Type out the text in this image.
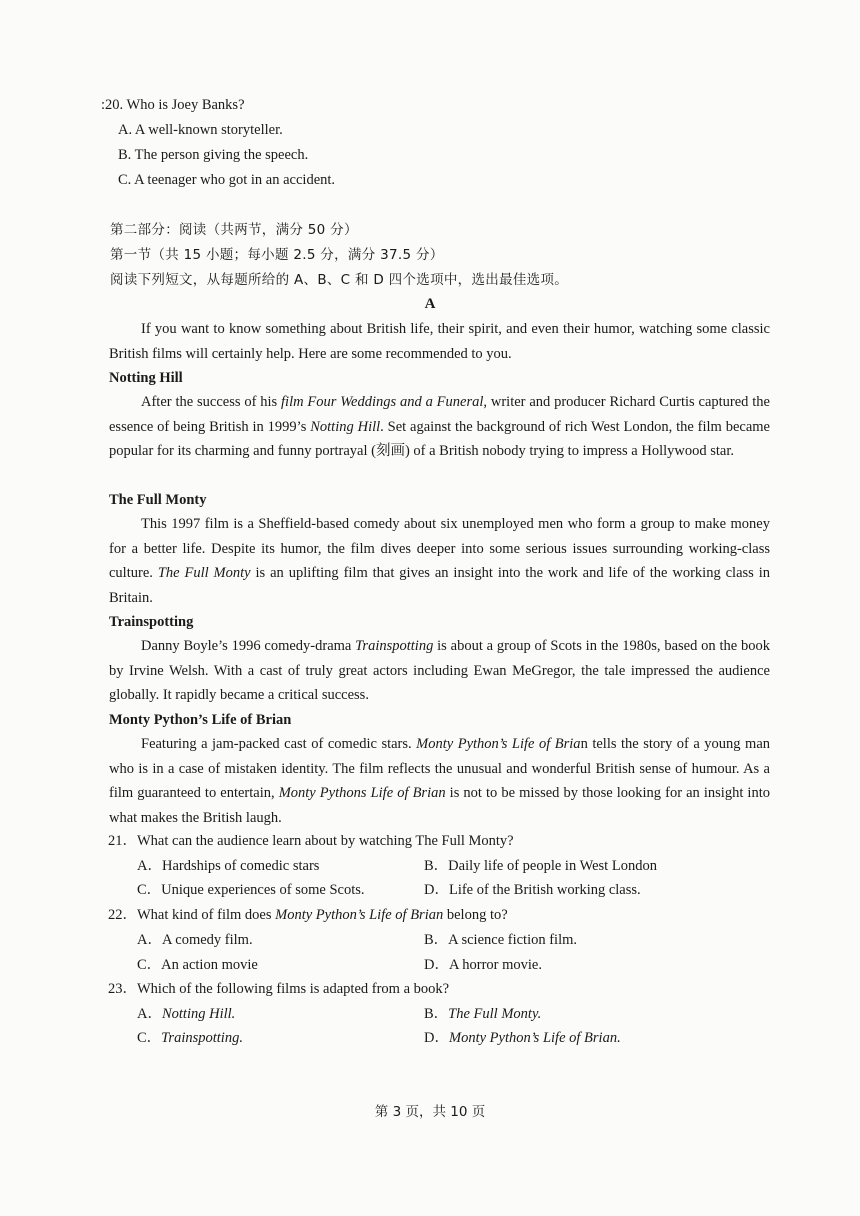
:20. Who is Joey Banks?
A. A well-known storyteller.
B. The person giving the speech.
C. A teenager who got in an accident.
第二部分：阅读（共两节，满分 50 分）
第一节（共 15 小题；每小题 2.5 分，满分 37.5 分）
阅读下列短文，从每题所给的 A、B、C 和 D 四个选项中，选出最佳选项。
A
If you want to know something about British life, their spirit, and even their humor, watching some classic British films will certainly help. Here are some recommended to you.
Notting Hill
After the success of his film Four Weddings and a Funeral, writer and producer Richard Curtis captured the essence of being British in 1999’s Notting Hill. Set against the background of rich West London, the film became popular for its charming and funny portrayal (刻画) of a British nobody trying to impress a Hollywood star.
The Full Monty
This 1997 film is a Sheffield-based comedy about six unemployed men who form a group to make money for a better life. Despite its humor, the film dives deeper into some serious issues surrounding working-class culture. The Full Monty is an uplifting film that gives an insight into the work and life of the working class in Britain.
Trainspotting
Danny Boyle’s 1996 comedy-drama Trainspotting is about a group of Scots in the 1980s, based on the book by Irvine Welsh. With a cast of truly great actors including Ewan MeGregor, the tale impressed the audience globally. It rapidly became a critical success.
Monty Python’s Life of Brian
Featuring a jam-packed cast of comedic stars. Monty Python’s Life of Brian tells the story of a young man who is in a case of mistaken identity. The film reflects the unusual and wonderful British sense of humour. As a film guaranteed to entertain, Monty Pythons Life of Brian is not to be missed by those looking for an insight into what makes the British laugh.
21．What can the audience learn about by watching The Full Monty?
A．Hardships of comedic stars	B．Daily life of people in West London
C．Unique experiences of some Scots.	D．Life of the British working class.
22．What kind of film does Monty Python’s Life of Brian belong to?
A．A comedy film.	B．A science fiction film.
C．An action movie	D．A horror movie.
23．Which of the following films is adapted from a book?
A．Notting Hill.	B．The Full Monty.
C．Trainspotting.	D．Monty Python’s Life of Brian.
第 3 页，共 10 页
